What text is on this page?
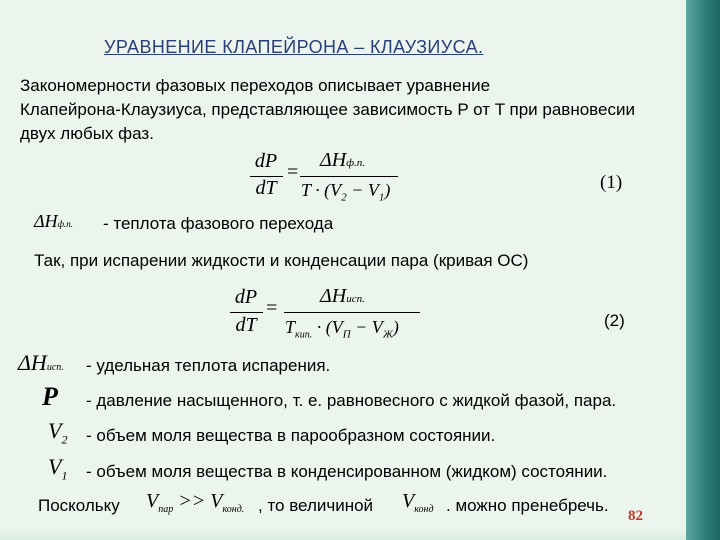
УРАВНЕНИЕ КЛАПЕЙРОНА – КЛАУЗИУСА.
Закономерности фазовых переходов описывает уравнение
Клапейрона-Клаузиуса, представляющее зависимость P от T при равновесии
двух любых фаз.
dP
dT
=
ΔHф.п.
$T \cdot (V_2 - V_1)$	(1)
ΔHф.п. - теплота фазового перехода
Так, при испарении жидкости и конденсации пара (кривая ОС)
dP
dT
=
ΔHисп.
$T_{кип.} \cdot (V_П - V_Ж)$	(2)
ΔHисп. - удельная теплота испарения.
P - давление насыщенного, т. е. равновесного с жидкой фазой, пара.
$V_2$ - объем моля вещества в парообразном состоянии.
$V_1$ - объем моля вещества в конденсированном (жидком) состоянии.
Поскольку $V_{пар} >> V_{конд.}$ , то величиной $V_{конд}$ . можно пренебречь.
82
